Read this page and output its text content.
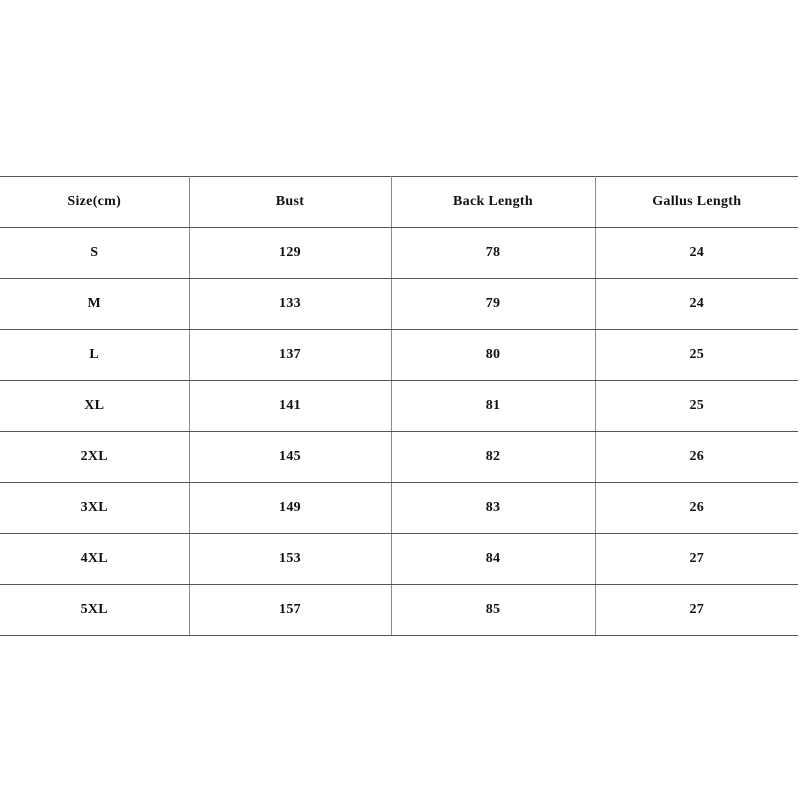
Size(cm)	Bust	Back Length	Gallus Length
S	129	78	24
M	133	79	24
L	137	80	25
XL	141	81	25
2XL	145	82	26
3XL	149	83	26
4XL	153	84	27
5XL	157	85	27
